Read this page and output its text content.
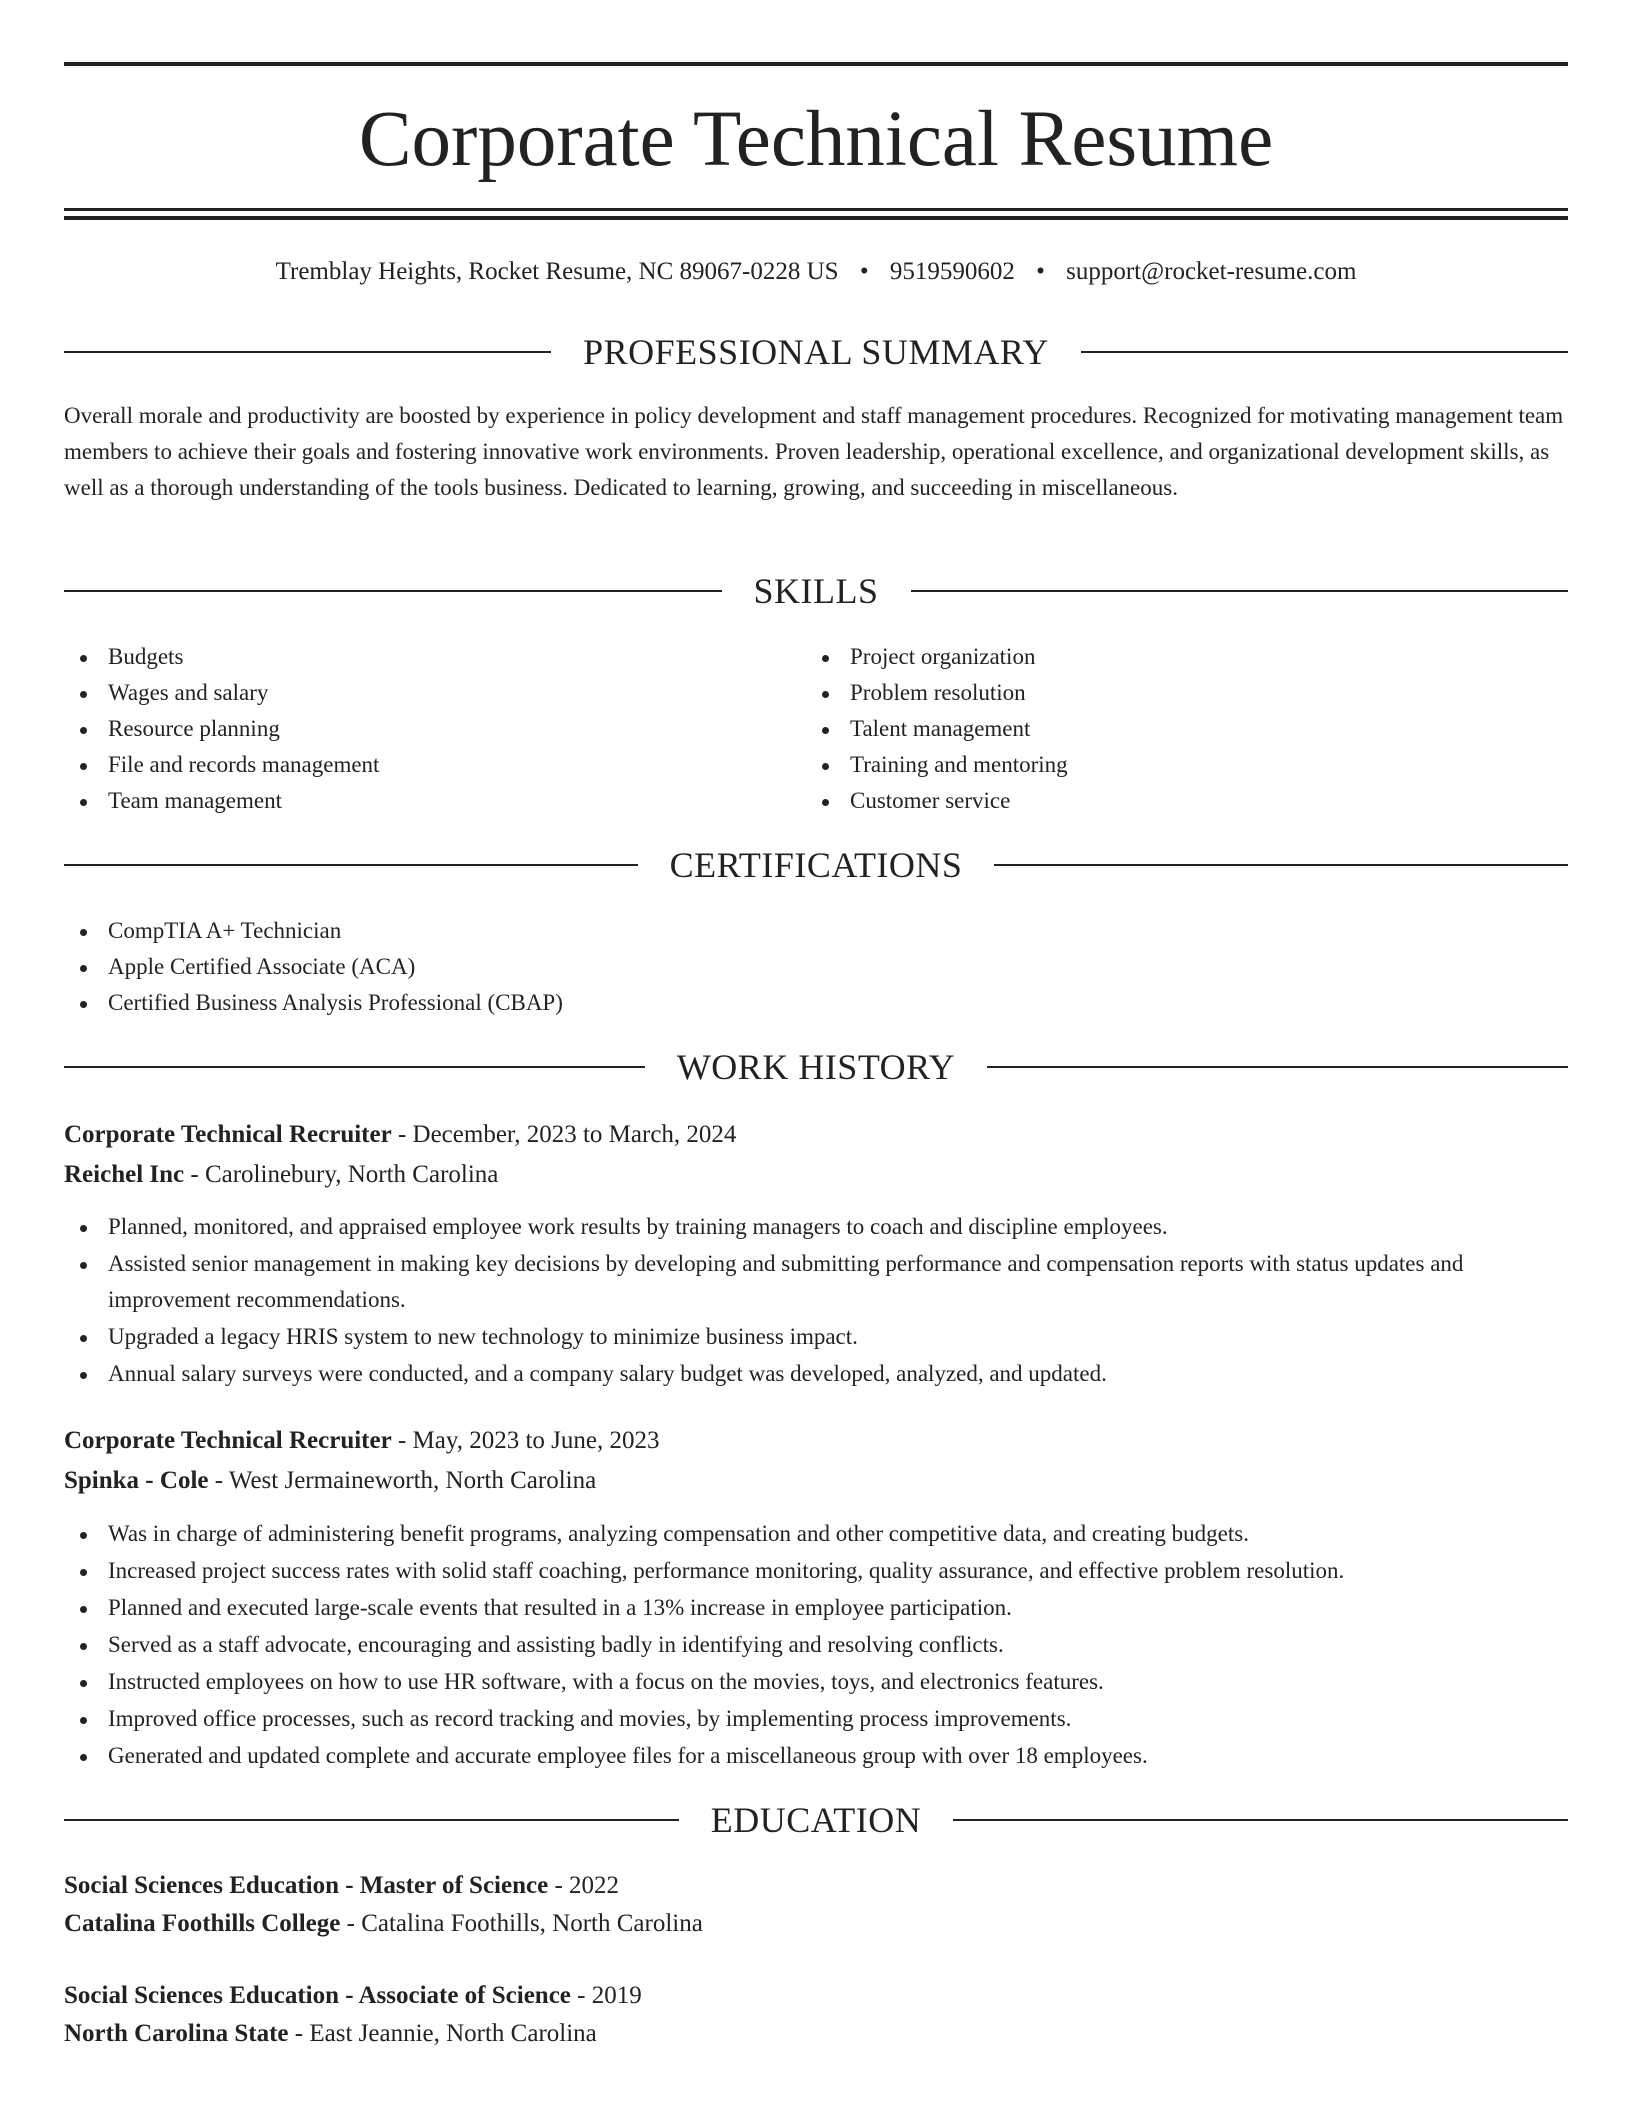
Corporate Technical Resume
Tremblay Heights, Rocket Resume, NC 89067-0228 US • 9519590602 • support@rocket-resume.com
PROFESSIONAL SUMMARY

Overall morale and productivity are boosted by experience in policy development and staff management procedures. Recognized for motivating management team members to achieve their goals and fostering innovative work environments. Proven leadership, operational excellence, and organizational development skills, as well as a thorough understanding of the tools business. Dedicated to learning, growing, and succeeding in miscellaneous.

SKILLS
Budgets
Wages and salary
Resource planning
File and records management
Team management
Project organization
Problem resolution
Talent management
Training and mentoring
Customer service
CERTIFICATIONS
CompTIA A+ Technician
Apple Certified Associate (ACA)
Certified Business Analysis Professional (CBAP)
WORK HISTORY
Corporate Technical Recruiter - December, 2023 to March, 2024
Reichel Inc - Carolinebury, North Carolina
Planned, monitored, and appraised employee work results by training managers to coach and discipline employees.
Assisted senior management in making key decisions by developing and submitting performance and compensation reports with status updates and improvement recommendations.
Upgraded a legacy HRIS system to new technology to minimize business impact.
Annual salary surveys were conducted, and a company salary budget was developed, analyzed, and updated.
Corporate Technical Recruiter - May, 2023 to June, 2023
Spinka - Cole - West Jermaineworth, North Carolina
Was in charge of administering benefit programs, analyzing compensation and other competitive data, and creating budgets.
Increased project success rates with solid staff coaching, performance monitoring, quality assurance, and effective problem resolution.
Planned and executed large-scale events that resulted in a 13% increase in employee participation.
Served as a staff advocate, encouraging and assisting badly in identifying and resolving conflicts.
Instructed employees on how to use HR software, with a focus on the movies, toys, and electronics features.
Improved office processes, such as record tracking and movies, by implementing process improvements.
Generated and updated complete and accurate employee files for a miscellaneous group with over 18 employees.
EDUCATION
Social Sciences Education - Master of Science - 2022
Catalina Foothills College - Catalina Foothills, North Carolina
Social Sciences Education - Associate of Science - 2019
North Carolina State - East Jeannie, North Carolina
